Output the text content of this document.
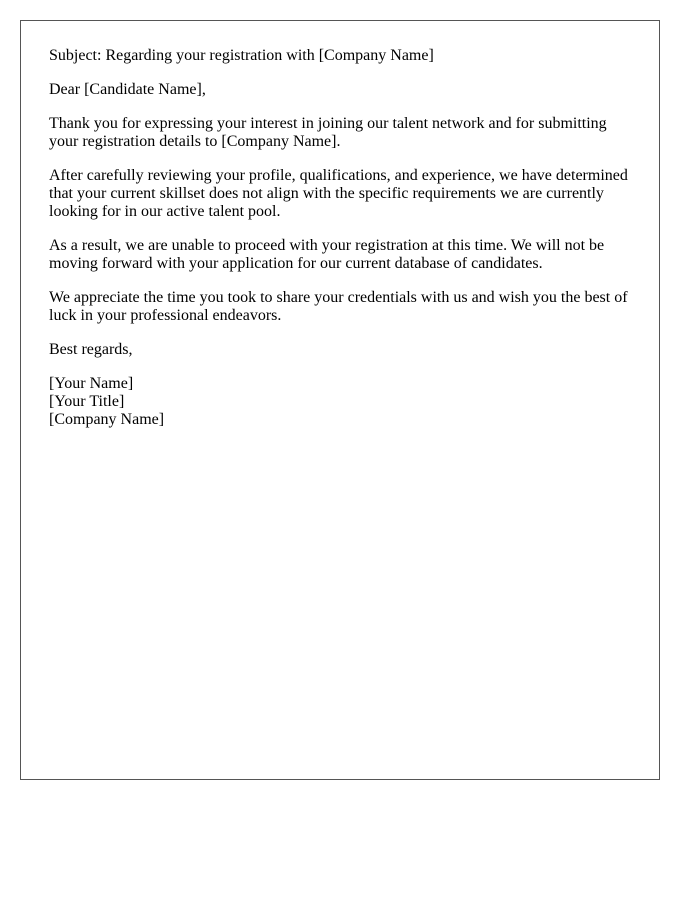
Subject: Regarding your registration with [Company Name]

Dear [Candidate Name],

Thank you for expressing your interest in joining our talent network and for submitting your registration details to [Company Name].

After carefully reviewing your profile, qualifications, and experience, we have determined that your current skillset does not align with the specific requirements we are currently looking for in our active talent pool.

As a result, we are unable to proceed with your registration at this time. We will not be moving forward with your application for our current database of candidates.

We appreciate the time you took to share your credentials with us and wish you the best of luck in your professional endeavors.

Best regards,

[Your Name]
[Your Title]
[Company Name]
